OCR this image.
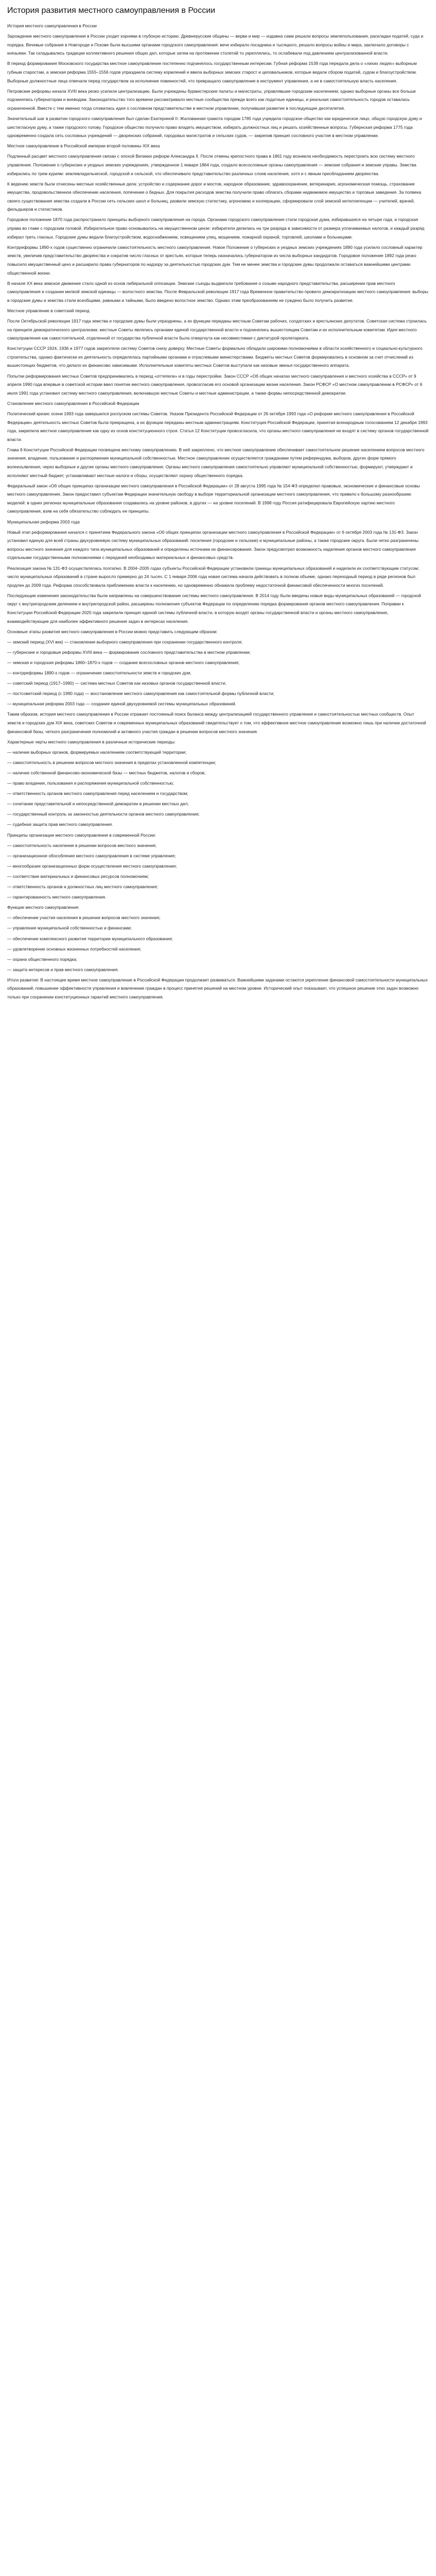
История развития местного самоуправления в России

История местного самоуправления в России

Зарождение местного самоуправления в России уходит корнями в глубокую историю. Древнерусские общины — верви и мир — издавна сами решали вопросы землепользования, раскладки податей, суда и порядка. Вечевые собрания в Новгороде и Пскове были высшими органами городского самоуправления: вече избирало посадника и тысяцкого, решало вопросы войны и мира, заключало договоры с князьями. Так складывались традиции коллективного решения общих дел, которые затем на протяжении столетий то укреплялись, то ослабевали под давлением централизованной власти.

В период формирования Московского государства местное самоуправление постепенно подчинялось государственным интересам. Губная реформа 1539 года передала дела о «лихих людях» выборным губным старостам, а земская реформа 1555–1556 годов упразднила систему кормлений и ввела выборных земских старост и целовальников, которые ведали сбором податей, судом и благоустройством. Выборные должностные лица отвечали перед государством за исполнение повинностей, что превращало самоуправление в инструмент управления, а не в самостоятельную власть населения.

Петровские реформы начала XVIII века резко усилили централизацию. Были учреждены бурмистерские палаты и магистраты, управлявшие городским населением; однако выборные органы все больше подчинялись губернаторам и воеводам. Законодательство того времени рассматривало местные сообщества прежде всего как податные единицы, и реальная самостоятельность городов оставалась ограниченной. Вместе с тем именно тогда сложилась идея о сословном представительстве в местном управлении, получившая развитие в последующие десятилетия.

Значительный шаг в развитии городского самоуправления был сделан Екатериной II. Жалованная грамота городам 1785 года учредила городское общество как юридическое лицо, общую городскую думу и шестигласную думу, а также городского голову. Городское общество получило право владеть имуществом, избирать должностных лиц и решать хозяйственные вопросы. Губернская реформа 1775 года одновременно создала сеть сословных учреждений — дворянских собраний, городовых магистратов и сельских судов, — закрепив принцип сословного участия в местном управлении.

Местное самоуправление в Российской империи второй половины XIX века

Подлинный расцвет местного самоуправления связан с эпохой Великих реформ Александра II. После отмены крепостного права в 1861 году возникла необходимость перестроить всю систему местного управления. Положение о губернских и уездных земских учреждениях, утвержденное 1 января 1864 года, создало всесословные органы самоуправления — земские собрания и земские управы. Земства избирались по трем куриям: землевладельческой, городской и сельской, что обеспечивало представительство различных слоев населения, хотя и с явным преобладанием дворянства.

К ведению земств были отнесены местные хозяйственные дела: устройство и содержание дорог и мостов, народное образование, здравоохранение, ветеринария, агрономическая помощь, страхование имущества, продовольственное обеспечение населения, попечение о бедных. Для покрытия расходов земства получили право облагать сборами недвижимое имущество и торговые заведения. За полвека своего существования земства создали в России сеть сельских школ и больниц, развили земскую статистику, агрономию и кооперацию, сформировали слой земской интеллигенции — учителей, врачей, фельдшеров и статистиков.

Городовое положение 1870 года распространило принципы выборного самоуправления на города. Органами городского самоуправления стали городская дума, избиравшаяся на четыре года, и городская управа во главе с городским головой. Избирательное право основывалось на имущественном цензе: избиратели делились на три разряда в зависимости от размера уплачиваемых налогов, и каждый разряд избирал треть гласных. Городские думы ведали благоустройством, водоснабжением, освещением улиц, мощением, пожарной охраной, торговлей, школами и больницами.

Контрреформы 1890-х годов существенно ограничили самостоятельность местного самоуправления. Новое Положение о губернских и уездных земских учреждениях 1890 года усилило сословный характер земств, увеличив представительство дворянства и сократив число гласных от крестьян, которые теперь назначались губернатором из числа выборных кандидатов. Городовое положение 1892 года резко повысило имущественный ценз и расширило права губернаторов по надзору за деятельностью городских дум. Тем не менее земства и городские думы продолжали оставаться важнейшими центрами общественной жизни.

В начале XX века земское движение стало одной из основ либеральной оппозиции. Земские съезды выдвигали требования о созыве народного представительства, расширении прав местного самоуправления и создании мелкой земской единицы — волостного земства. После Февральской революции 1917 года Временное правительство провело демократизацию местного самоуправления: выборы в городские думы и земства стали всеобщими, равными и тайными, было введено волостное земство. Однако этим преобразованиям не суждено было получить развитие.

Местное управление в советский период

После Октябрьской революции 1917 года земства и городские думы были упразднены, а их функции переданы местным Советам рабочих, солдатских и крестьянских депутатов. Советская система строилась на принципе демократического централизма: местные Советы являлись органами единой государственной власти и подчинялись вышестоящим Советам и их исполнительным комитетам. Идея местного самоуправления как самостоятельной, отделенной от государства публичной власти была отвергнута как несовместимая с диктатурой пролетариата.

Конституции СССР 1924, 1936 и 1977 годов закрепляли систему Советов снизу доверху. Местные Советы формально обладали широкими полномочиями в области хозяйственного и социально-культурного строительства, однако фактически их деятельность определялась партийными органами и отраслевыми министерствами. Бюджеты местных Советов формировались в основном за счет отчислений из вышестоящих бюджетов, что делало их финансово зависимыми. Исполнительные комитеты местных Советов выступали как низовые звенья государственного аппарата.

Попытки реформирования местных Советов предпринимались в период «оттепели» и в годы перестройки. Закон СССР «Об общих началах местного самоуправления и местного хозяйства в СССР» от 9 апреля 1990 года впервые в советской истории ввел понятие местного самоуправления, провозгласив его основой организации жизни населения. Закон РСФСР «О местном самоуправлении в РСФСР» от 6 июля 1991 года установил систему местного самоуправления, включавшую местные Советы и местные администрации, а также формы непосредственной демократии.

Становление местного самоуправления в Российской Федерации

Политический кризис осени 1993 года завершился роспуском системы Советов. Указом Президента Российской Федерации от 26 октября 1993 года «О реформе местного самоуправления в Российской Федерации» деятельность местных Советов была прекращена, а их функции переданы местным администрациям. Конституция Российской Федерации, принятая всенародным голосованием 12 декабря 1993 года, закрепила местное самоуправление как одну из основ конституционного строя. Статья 12 Конституции провозгласила, что органы местного самоуправления не входят в систему органов государственной власти.

Глава 8 Конституции Российской Федерации посвящена местному самоуправлению. В ней закреплено, что местное самоуправление обеспечивает самостоятельное решение населением вопросов местного значения, владение, пользование и распоряжение муниципальной собственностью. Местное самоуправление осуществляется гражданами путем референдума, выборов, других форм прямого волеизъявления, через выборные и другие органы местного самоуправления. Органы местного самоуправления самостоятельно управляют муниципальной собственностью, формируют, утверждают и исполняют местный бюджет, устанавливают местные налоги и сборы, осуществляют охрану общественного порядка.

Федеральный закон «Об общих принципах организации местного самоуправления в Российской Федерации» от 28 августа 1995 года № 154-ФЗ определил правовые, экономические и финансовые основы местного самоуправления. Закон предоставил субъектам Федерации значительную свободу в выборе территориальной организации местного самоуправления, что привело к большому разнообразию моделей: в одних регионах муниципальные образования создавались на уровне районов, в других — на уровне поселений. В 1998 году Россия ратифицировала Европейскую хартию местного самоуправления, взяв на себя обязательство соблюдать ее принципы.

Муниципальная реформа 2003 года

Новый этап реформирования начался с принятием Федерального закона «Об общих принципах организации местного самоуправления в Российской Федерации» от 6 октября 2003 года № 131-ФЗ. Закон установил единую для всей страны двухуровневую систему муниципальных образований: поселения (городские и сельские) и муниципальные районы, а также городские округа. Были четко разграничены вопросы местного значения для каждого типа муниципальных образований и определены источники их финансирования. Закон предусмотрел возможность наделения органов местного самоуправления отдельными государственными полномочиями с передачей необходимых материальных и финансовых средств.

Реализация закона № 131-ФЗ осуществлялась поэтапно. В 2004–2005 годах субъекты Российской Федерации установили границы муниципальных образований и наделили их соответствующим статусом; число муниципальных образований в стране выросло примерно до 24 тысяч. С 1 января 2006 года новая система начала действовать в полном объеме, однако переходный период в ряде регионов был продлен до 2009 года. Реформа способствовала приближению власти к населению, но одновременно обнажила проблему недостаточной финансовой обеспеченности многих поселений.

Последующие изменения законодательства были направлены на совершенствование системы местного самоуправления. В 2014 году были введены новые виды муниципальных образований — городской округ с внутригородским делением и внутригородской район, расширены полномочия субъектов Федерации по определению порядка формирования органов местного самоуправления. Поправки к Конституции Российской Федерации 2020 года закрепили принцип единой системы публичной власти, в которую входят органы государственной власти и органы местного самоуправления, взаимодействующие для наиболее эффективного решения задач в интересах населения.

Основные этапы развития местного самоуправления в России можно представить следующим образом:

— земский период (XVI век) — становление выборного самоуправления при сохранении государственного контроля;

— губернские и городовые реформы XVIII века — формирование сословного представительства в местном управлении;

— земская и городская реформы 1860–1870-х годов — создание всесословных органов местного самоуправления;

— контрреформы 1890-х годов — ограничение самостоятельности земств и городских дум;

— советский период (1917–1990) — система местных Советов как низовых органов государственной власти;

— постсоветский период (с 1990 года) — восстановление местного самоуправления как самостоятельной формы публичной власти;

— муниципальная реформа 2003 года — создание единой двухуровневой системы муниципальных образований.

Таким образом, история местного самоуправления в России отражает постоянный поиск баланса между централизацией государственного управления и самостоятельностью местных сообществ. Опыт земств и городских дум XIX века, советских Советов и современных муниципальных образований свидетельствует о том, что эффективное местное самоуправление возможно лишь при наличии достаточной финансовой базы, четкого разграничения полномочий и активного участия граждан в решении вопросов местного значения.

Характерные черты местного самоуправления в различные исторические периоды:

— наличие выборных органов, формируемых населением соответствующей территории;

— самостоятельность в решении вопросов местного значения в пределах установленной компетенции;

— наличие собственной финансово-экономической базы — местных бюджетов, налогов и сборов;

— право владения, пользования и распоряжения муниципальной собственностью;

— ответственность органов местного самоуправления перед населением и государством;

— сочетание представительной и непосредственной демократии в решении местных дел;

— государственный контроль за законностью деятельности органов местного самоуправления;

— судебная защита прав местного самоуправления.

Принципы организации местного самоуправления в современной России:

— самостоятельность населения в решении вопросов местного значения;

— организационное обособление местного самоуправления в системе управления;

— многообразие организационных форм осуществления местного самоуправления;

— соответствие материальных и финансовых ресурсов полномочиям;

— ответственность органов и должностных лиц местного самоуправления;

— гарантированность местного самоуправления.

Функции местного самоуправления:

— обеспечение участия населения в решении вопросов местного значения;

— управление муниципальной собственностью и финансами;

— обеспечение комплексного развития территории муниципального образования;

— удовлетворение основных жизненных потребностей населения;

— охрана общественного порядка;

— защита интересов и прав местного самоуправления.

Итоги развития: В настоящее время местное самоуправление в Российской Федерации продолжает развиваться. Важнейшими задачами остаются укрепление финансовой самостоятельности муниципальных образований, повышение эффективности управления и вовлечение граждан в процесс принятия решений на местном уровне. Исторический опыт показывает, что успешное решение этих задач возможно только при сохранении конституционных гарантий местного самоуправления.
